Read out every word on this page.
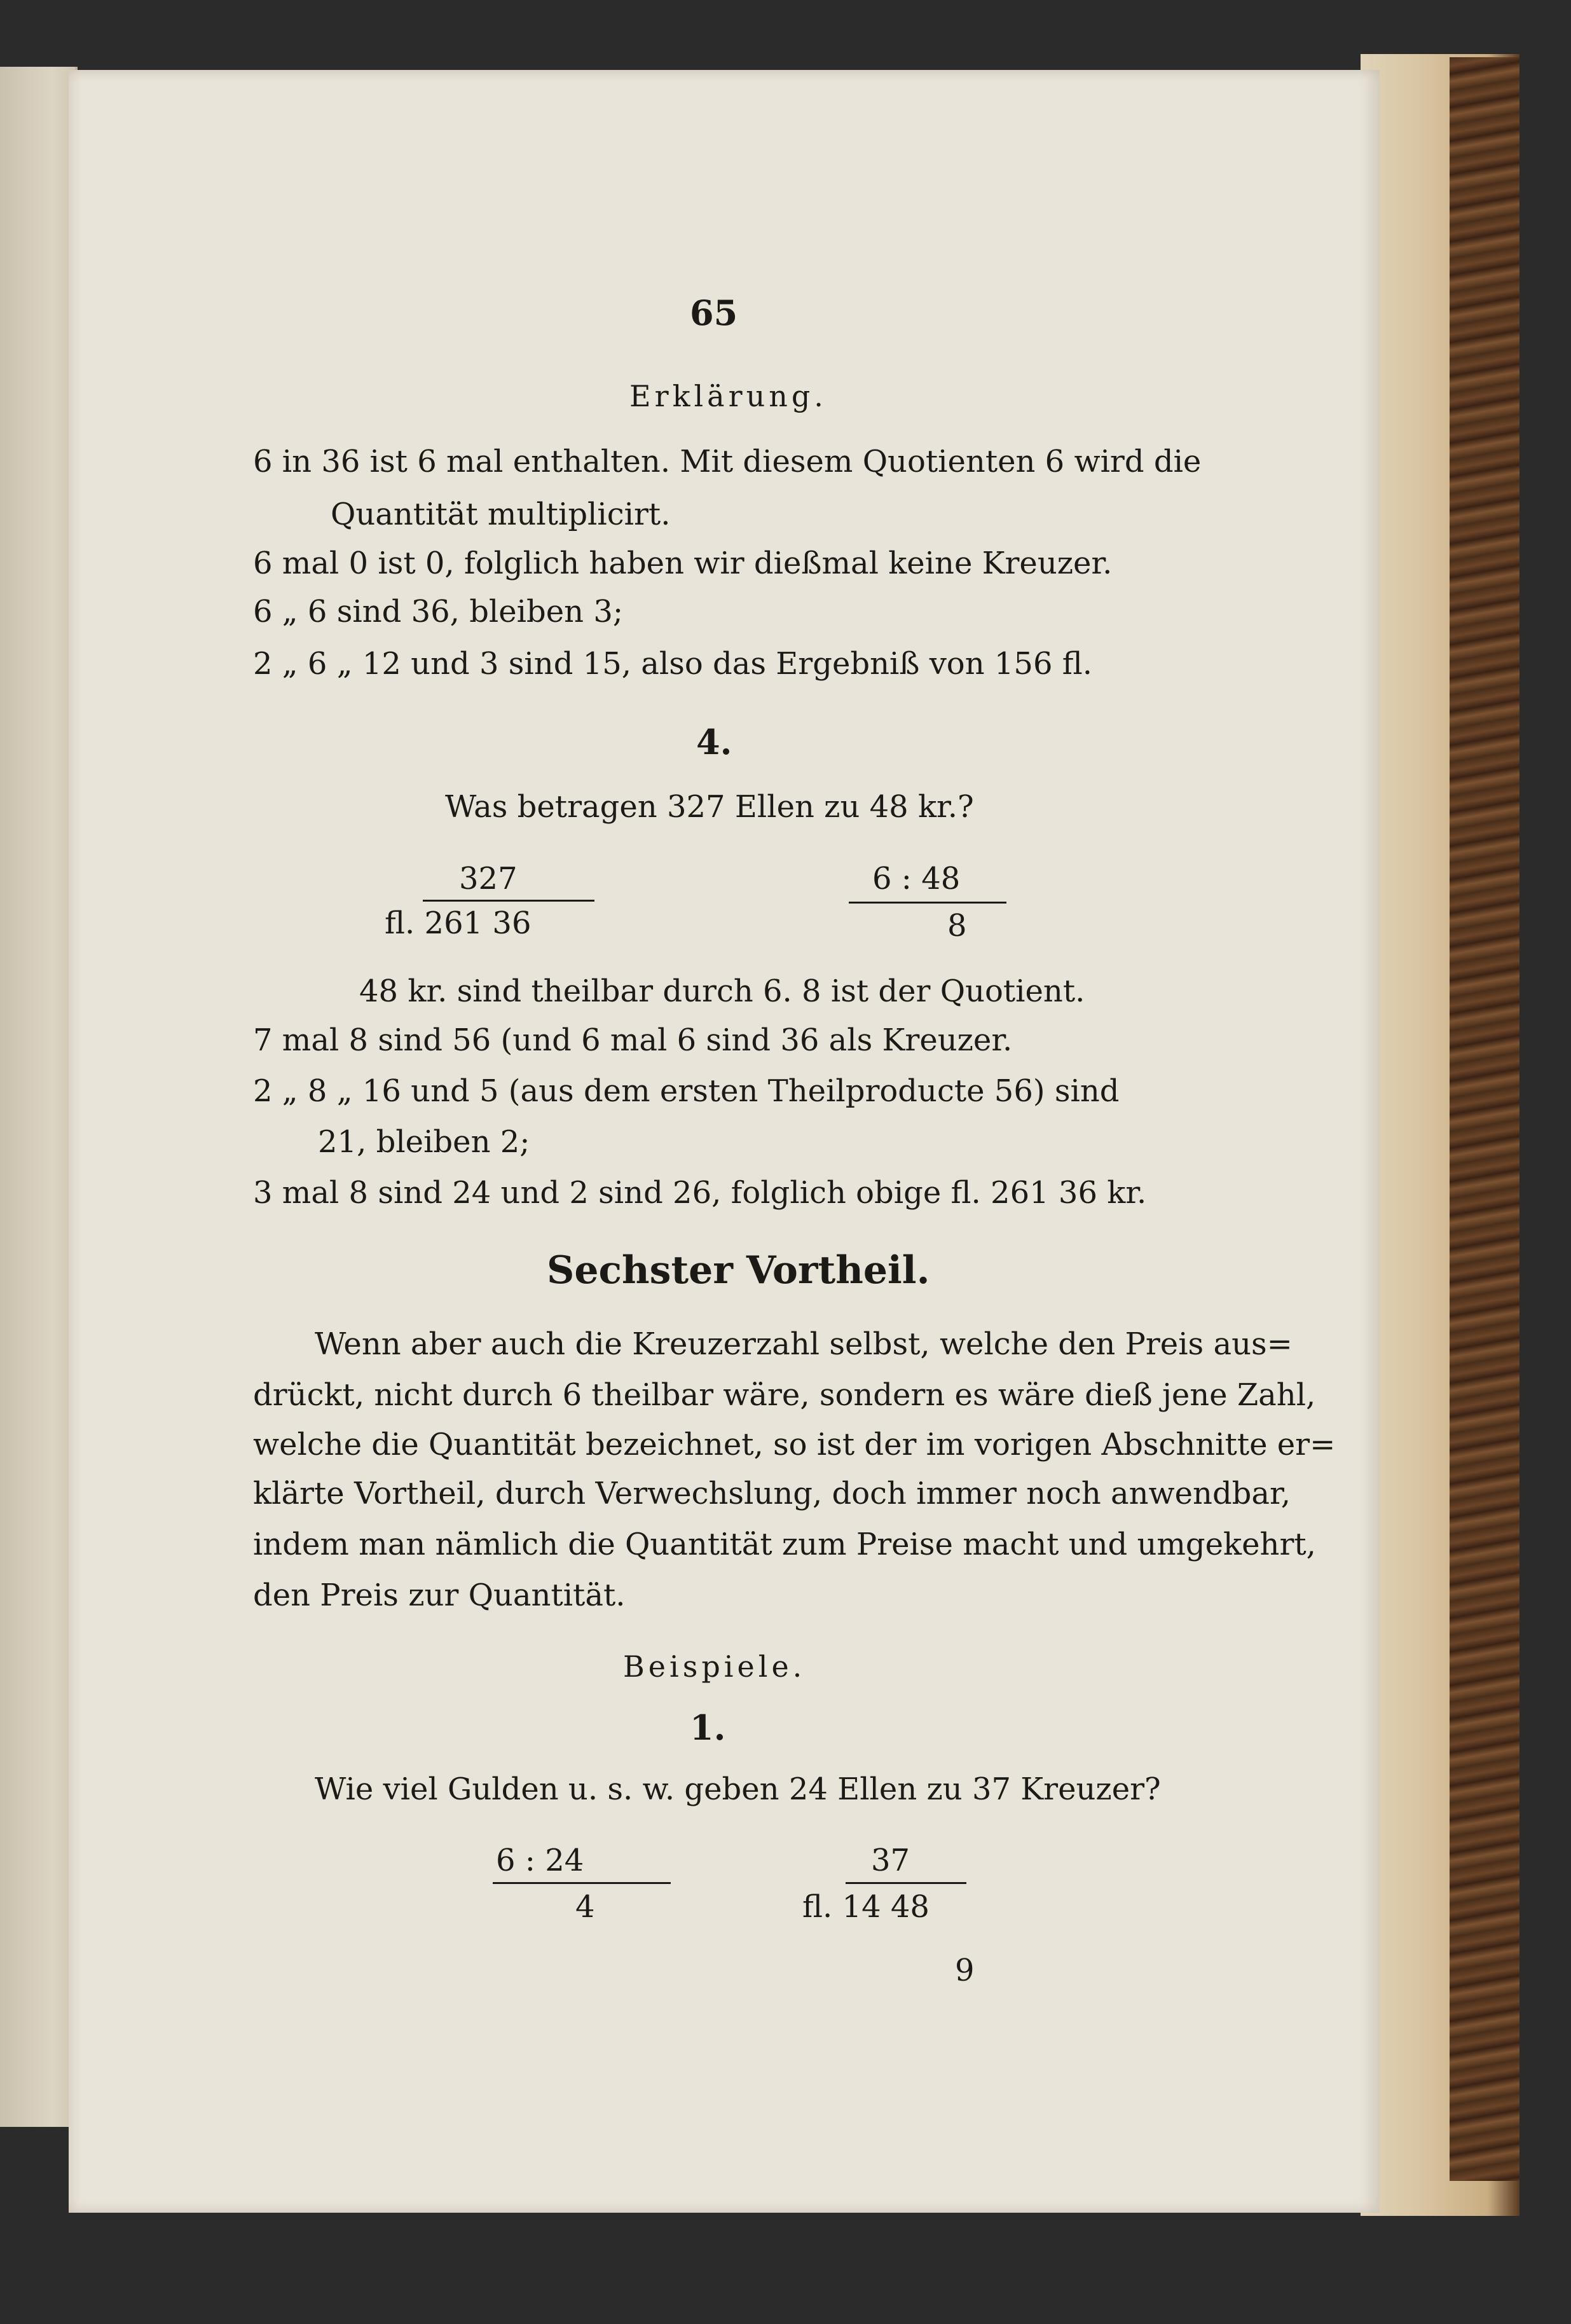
65
Erklärung.
6 in 36 ist 6 mal enthalten. Mit diesem Quotienten 6 wird die
Quantität multiplicirt.
6 mal 0 ist 0, folglich haben wir dießmal keine Kreuzer.
6 „ 6 sind 36, bleiben 3;
2 „ 6 „ 12 und 3 sind 15, also das Ergebniß von 156 fl.
4.
Was betragen 327 Ellen zu 48 kr.?
327
fl. 261 36
6 : 48
8
48 kr. sind theilbar durch 6. 8 ist der Quotient.
7 mal 8 sind 56 (und 6 mal 6 sind 36 als Kreuzer.
2 „ 8 „ 16 und 5 (aus dem ersten Theilproducte 56) sind
21, bleiben 2;
3 mal 8 sind 24 und 2 sind 26, folglich obige fl. 261 36 kr.
Sechster Vortheil.
Wenn aber auch die Kreuzerzahl selbst, welche den Preis aus=
drückt, nicht durch 6 theilbar wäre, sondern es wäre dieß jene Zahl,
welche die Quantität bezeichnet, so ist der im vorigen Abschnitte er=
klärte Vortheil, durch Verwechslung, doch immer noch anwendbar,
indem man nämlich die Quantität zum Preise macht und umgekehrt,
den Preis zur Quantität.
Beispiele.
1.
Wie viel Gulden u. s. w. geben 24 Ellen zu 37 Kreuzer?
6 : 24
4
37
fl. 14 48
9
